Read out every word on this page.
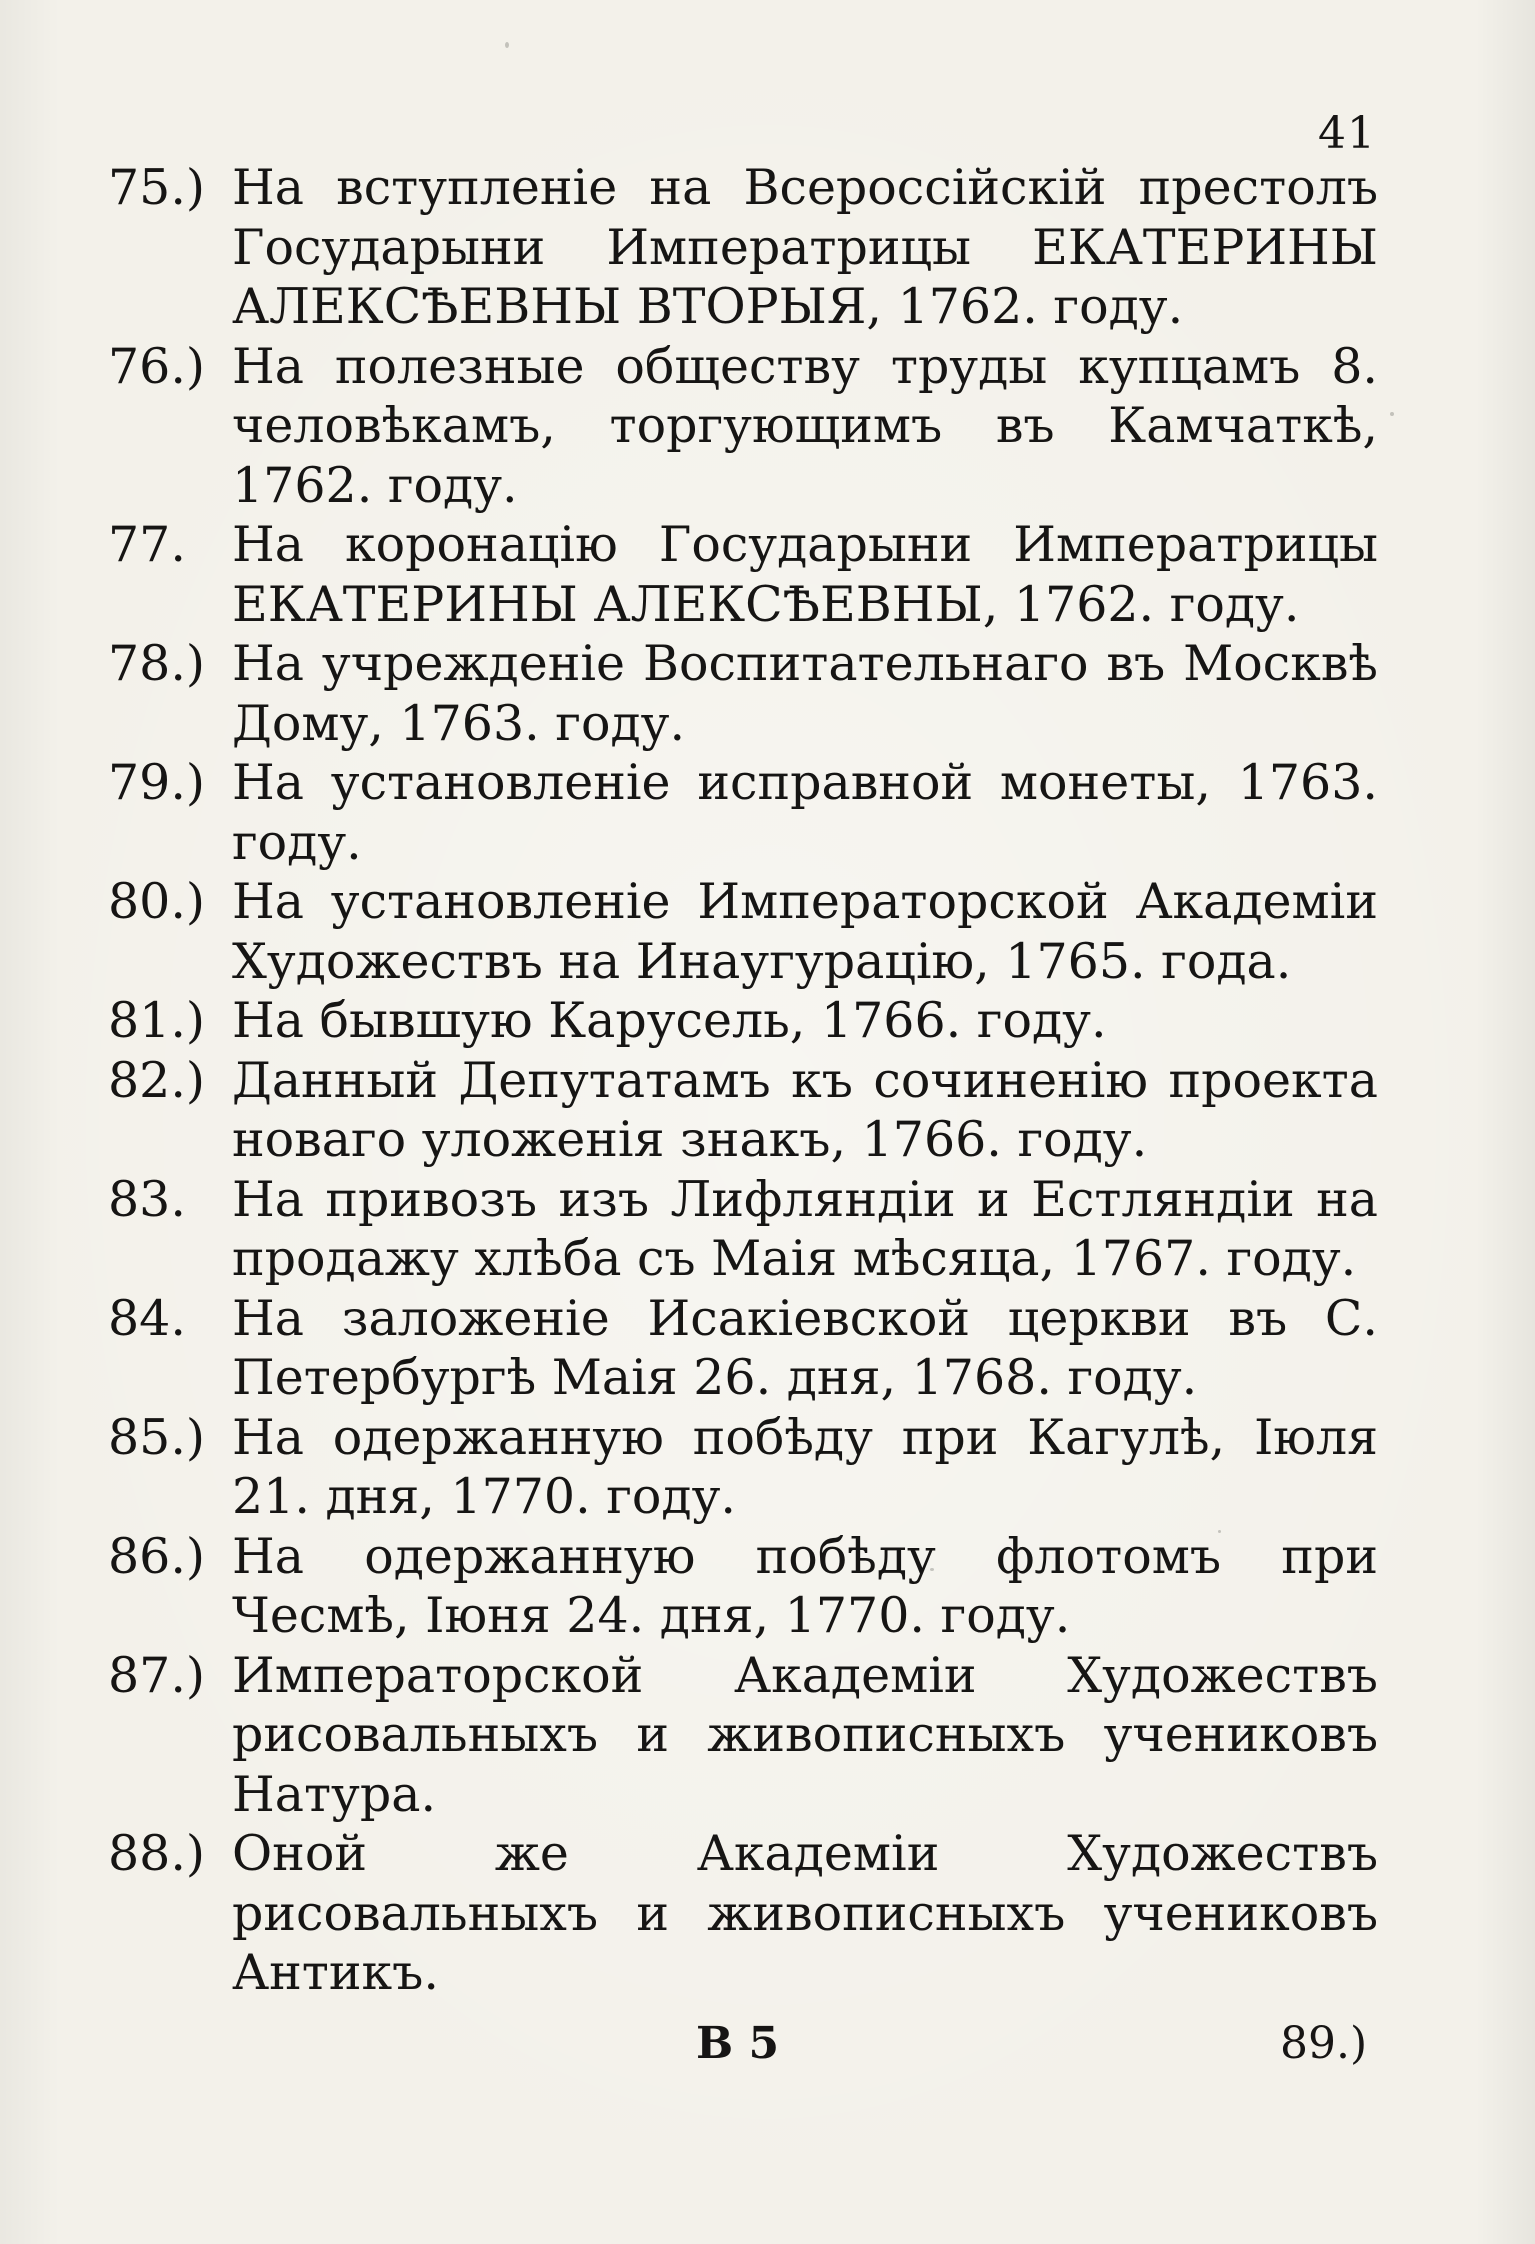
41
75.) На вступленіе на Всероссійскій престолъ Государыни Императрицы ЕКАТЕРИНЫ АЛЕКСѢЕВНЫ ВТОРЫЯ, 1762. году.
76.) На полезные обществу труды купцамъ 8. человѣкамъ, торгующимъ въ Камчаткѣ, 1762. году.
77. На коронацію Государыни Императрицы ЕКАТЕРИНЫ АЛЕКСѢЕВНЫ, 1762. году.
78.) На учрежденіе Воспитательнаго въ Москвѣ Дому, 1763. году.
79.) На установленіе исправной монеты, 1763. году.
80.) На установленіе Императорской Академіи Художествъ на Инаугурацію, 1765. года.
81.) На бывшую Карусель, 1766. году.
82.) Данный Депутатамъ къ сочиненію проекта новаго уложенія знакъ, 1766. году.
83. На привозъ изъ Лифляндіи и Естляндіи на продажу хлѣба съ Маія мѣсяца, 1767. году.
84. На заложеніе Исакіевской церкви въ С. Петербургѣ Маія 26. дня, 1768. году.
85.) На одержанную побѣду при Кагулѣ, Іюля 21. дня, 1770. году.
86.) На одержанную побѣду флотомъ при Чесмѣ, Іюня 24. дня, 1770. году.
87.) Императорской Академіи Художествъ рисовальныхъ и живописныхъ учениковъ Натура.
88.) Оной же Академіи Художествъ рисовальныхъ и живописныхъ учениковъ Антикъ.
В 5	89.)
